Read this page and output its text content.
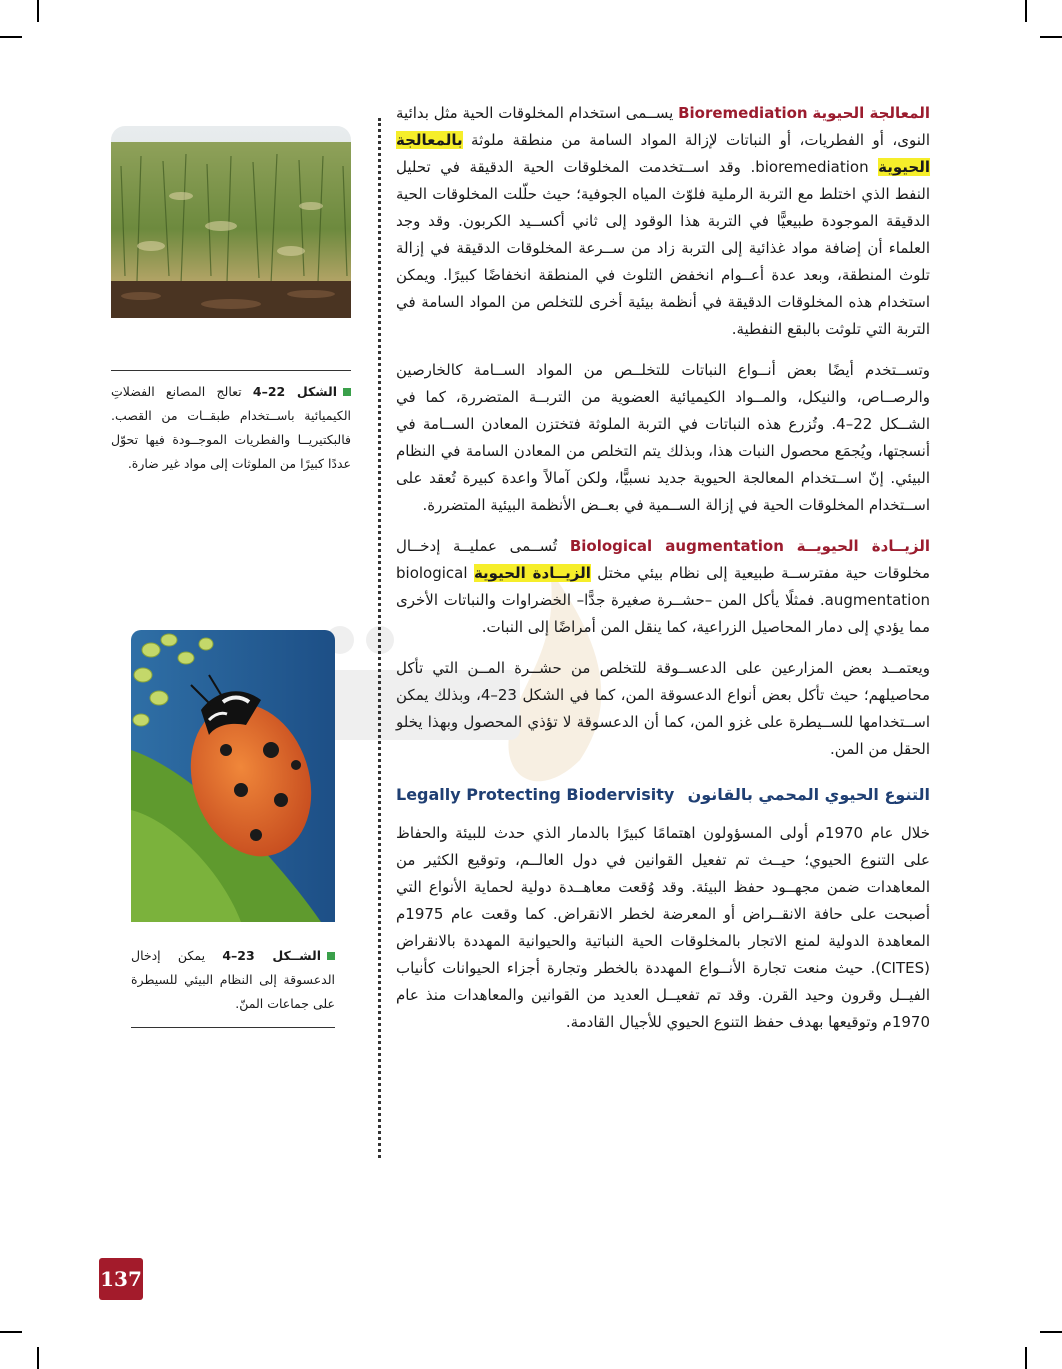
المعالجة الحيوية Bioremediation يســمى استخدام المخلوقات الحية مثل بدائية النوى، أو الفطريات، أو النباتات لإزالة المواد السامة من منطقة ملوثة بالمعالجة الحيوية bioremediation. وقد اســتخدمت المخلوقات الحية الدقيقة في تحليل النفط الذي اختلط مع التربة الرملية فلوّث المياه الجوفية؛ حيث حلّلت المخلوقات الحية الدقيقة الموجودة طبيعيًّا في التربة هذا الوقود إلى ثاني أكســيد الكربون. وقد وجد العلماء أن إضافة مواد غذائية إلى التربة زاد من ســرعة المخلوقات الدقيقة في إزالة تلوث المنطقة، وبعد عدة أعــوام انخفض التلوث في المنطقة انخفاضًا كبيرًا. ويمكن استخدام هذه المخلوقات الدقيقة في أنظمة بيئية أخرى للتخلص من المواد السامة في التربة التي تلوثت بالبقع النفطية.

وتســتخدم أيضًا بعض أنــواع النباتات للتخلــص من المواد الســامة كالخارصين والرصــاص، والنيكل، والمــواد الكيميائية العضوية من التربــة المتضررة، كما في الشــكل 22–4. وتُزرع هذه النباتات في التربة الملوثة فتختزن المعادن الســامة في أنسجتها، ويُجمَع محصول النبات هذا، وبذلك يتم التخلص من المعادن السامة في النظام البيئي. إنّ اســتخدام المعالجة الحيوية جديد نسبيًّا، ولكن آمالاً واعدة كبيرة تُعقد على اســتخدام المخلوقات الحية في إزالة الســمية في بعــض الأنظمة البيئية المتضررة.

الزيــادة الحيويــة Biological augmentation تُســمى عمليــة إدخــال مخلوقات حية مفترســة طبيعية إلى نظام بيئي مختل الزيــادة الحيوية biological augmentation. فمثلًا يأكل المن –حشــرة صغيرة جدًّا– الخضراوات والنباتات الأخرى مما يؤدي إلى دمار المحاصيل الزراعية، كما ينقل المن أمراضًا إلى النبات.

ويعتمــد بعض المزارعين على الدعســوقة للتخلص من حشــرة المــن التي تأكل محاصيلهم؛ حيث تأكل بعض أنواع الدعسوقة المن، كما في الشكل 23–4، وبذلك يمكن اســتخدامها للســيطرة على غزو المن، كما أن الدعسوقة لا تؤذي المحصول وبهذا يخلو الحقل من المن.

Legally Protecting Biodervisity التنوع الحيوي المحمي بالقانون

خلال عام 1970م أولى المسؤولون اهتمامًا كبيرًا بالدمار الذي حدث للبيئة والحفاظ على التنوع الحيوي؛ حيــث تم تفعيل القوانين في دول العالــم، وتوقيع الكثير من المعاهدات ضمن مجهــود حفظ البيئة. وقد وُقعت معاهــدة دولية لحماية الأنواع التي أصبحت على حافة الانقــراض أو المعرضة لخطر الانقراض. كما وقعت عام 1975م المعاهدة الدولية لمنع الاتجار بالمخلوقات الحية النباتية والحيوانية المهددة بالانقراض (CITES). حيث منعت تجارة الأنــواع المهددة بالخطر وتجارة أجزاء الحيوانات كأنياب الفيــل وقرون وحيد القرن. وقد تم تفعيــل العديد من القوانين والمعاهدات منذ عام 1970م وتوقيعها بهدف حفظ التنوع الحيوي للأجيال القادمة.

الشكل 22–4 تعالج المصانع الفضلاتِ الكيميائية باســتخدام طبقــات من القصب. فالبكتيريــا والفطريات الموجــودة فيها تحوّل عددًا كبيرًا من الملوثات إلى مواد غير ضارة.
الشــكل 23–4 يمكن إدخال الدعسوقة إلى النظام البيئي للسيطرة على جماعات المنّ.
137
